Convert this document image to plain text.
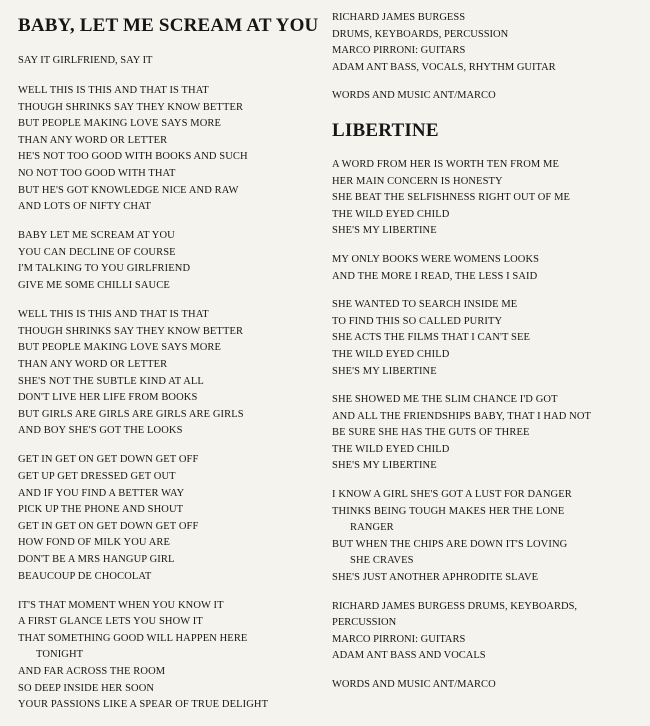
BABY, LET ME SCREAM AT YOU
SAY IT GIRLFRIEND, SAY IT
WELL THIS IS THIS AND THAT IS THAT
THOUGH SHRINKS SAY THEY KNOW BETTER
BUT PEOPLE MAKING LOVE SAYS MORE
THAN ANY WORD OR LETTER
HE'S NOT TOO GOOD WITH BOOKS AND SUCH
NO NOT TOO GOOD WITH THAT
BUT HE'S GOT KNOWLEDGE NICE AND RAW
AND LOTS OF NIFTY CHAT
BABY LET ME SCREAM AT YOU
YOU CAN DECLINE OF COURSE
I'M TALKING TO YOU GIRLFRIEND
GIVE ME SOME CHILLI SAUCE
WELL THIS IS THIS AND THAT IS THAT
THOUGH SHRINKS SAY THEY KNOW BETTER
BUT PEOPLE MAKING LOVE SAYS MORE
THAN ANY WORD OR LETTER
SHE'S NOT THE SUBTLE KIND AT ALL
DON'T LIVE HER LIFE FROM BOOKS
BUT GIRLS ARE GIRLS ARE GIRLS ARE GIRLS
AND BOY SHE'S GOT THE LOOKS
GET IN GET ON GET DOWN GET OFF
GET UP GET DRESSED GET OUT
AND IF YOU FIND A BETTER WAY
PICK UP THE PHONE AND SHOUT
GET IN GET ON GET DOWN GET OFF
HOW FOND OF MILK YOU ARE
DON'T BE A MRS HANGUP GIRL
BEAUCOUP DE CHOCOLAT
IT'S THAT MOMENT WHEN YOU KNOW IT
A FIRST GLANCE LETS YOU SHOW IT
THAT SOMETHING GOOD WILL HAPPEN HERE
TONIGHT
AND FAR ACROSS THE ROOM
SO DEEP INSIDE HER SOON
YOUR PASSIONS LIKE A SPEAR OF TRUE DELIGHT
RICHARD JAMES BURGESS
DRUMS, KEYBOARDS, PERCUSSION
MARCO PIRRONI: GUITARS
ADAM ANT BASS, VOCALS, RHYTHM GUITAR
WORDS AND MUSIC ANT/MARCO
LIBERTINE
A WORD FROM HER IS WORTH TEN FROM ME
HER MAIN CONCERN IS HONESTY
SHE BEAT THE SELFISHNESS RIGHT OUT OF ME
THE WILD EYED CHILD
SHE'S MY LIBERTINE
MY ONLY BOOKS WERE WOMENS LOOKS
AND THE MORE I READ, THE LESS I SAID
SHE WANTED TO SEARCH INSIDE ME
TO FIND THIS SO CALLED PURITY
SHE ACTS THE FILMS THAT I CAN'T SEE
THE WILD EYED CHILD
SHE'S MY LIBERTINE
SHE SHOWED ME THE SLIM CHANCE I'D GOT
AND ALL THE FRIENDSHIPS BABY, THAT I HAD NOT
BE SURE SHE HAS THE GUTS OF THREE
THE WILD EYED CHILD
SHE'S MY LIBERTINE
I KNOW A GIRL SHE'S GOT A LUST FOR DANGER
THINKS BEING TOUGH MAKES HER THE LONE
RANGER
BUT WHEN THE CHIPS ARE DOWN IT'S LOVING
SHE CRAVES
SHE'S JUST ANOTHER APHRODITE SLAVE
RICHARD JAMES BURGESS DRUMS, KEYBOARDS,
PERCUSSION
MARCO PIRRONI: GUITARS
ADAM ANT BASS AND VOCALS
WORDS AND MUSIC ANT/MARCO
